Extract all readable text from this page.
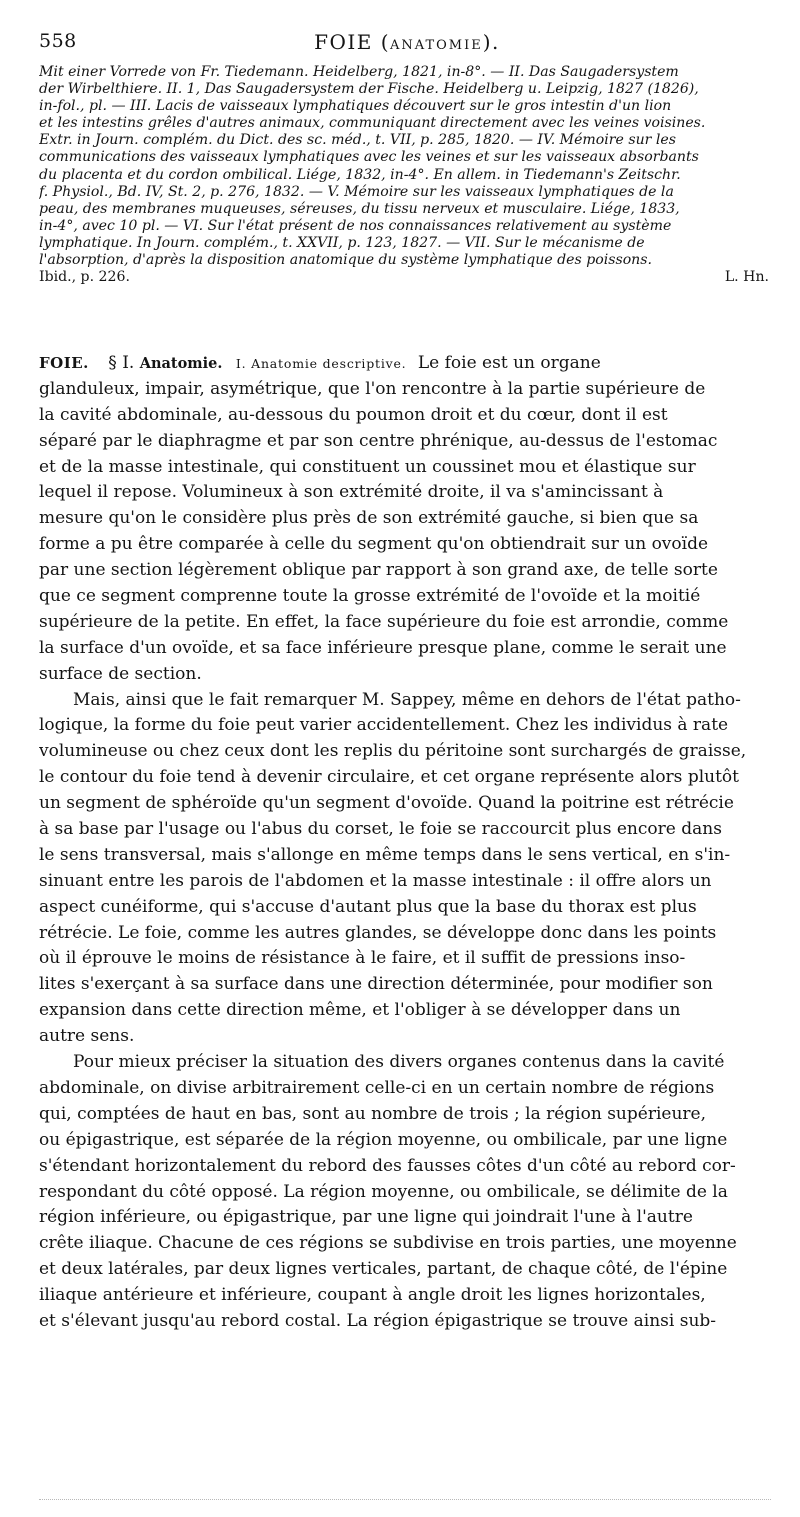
558	FOIE (ANATOMIE).
Mit einer Vorrede von Fr. Tiedemann. Heidelberg, 1821, in-8°. — II. Das Saugadersystem
der Wirbelthiere. II. 1, Das Saugadersystem der Fische. Heidelberg u. Leipzig, 1827 (1826),
in-fol., pl. — III. Lacis de vaisseaux lymphatiques découvert sur le gros intestin d'un lion
et les intestins grêles d'autres animaux, communiquant directement avec les veines voisines.
Extr. in Journ. complém. du Dict. des sc. méd., t. VII, p. 285, 1820. — IV. Mémoire sur les
communications des vaisseaux lymphatiques avec les veines et sur les vaisseaux absorbants
du placenta et du cordon ombilical. Liége, 1832, in-4°. En allem. in Tiedemann's Zeitschr.
f. Physiol., Bd. IV, St. 2, p. 276, 1832. — V. Mémoire sur les vaisseaux lymphatiques de la
peau, des membranes muqueuses, séreuses, du tissu nerveux et musculaire. Liége, 1833,
in-4°, avec 10 pl. — VI. Sur l'état présent de nos connaissances relativement au système
lymphatique. In Journ. complém., t. XXVII, p. 123, 1827. — VII. Sur le mécanisme de
l'absorption, d'après la disposition anatomique du système lymphatique des poissons.
Ibid., p. 226.	L. Hn.
FOIE. § I. Anatomie. I. Anatomie descriptive. Le foie est un organe
glanduleux, impair, asymétrique, que l'on rencontre à la partie supérieure de
la cavité abdominale, au-dessous du poumon droit et du cœur, dont il est
séparé par le diaphragme et par son centre phrénique, au-dessus de l'estomac
et de la masse intestinale, qui constituent un coussinet mou et élastique sur
lequel il repose. Volumineux à son extrémité droite, il va s'amincissant à
mesure qu'on le considère plus près de son extrémité gauche, si bien que sa
forme a pu être comparée à celle du segment qu'on obtiendrait sur un ovoïde
par une section légèrement oblique par rapport à son grand axe, de telle sorte
que ce segment comprenne toute la grosse extrémité de l'ovoïde et la moitié
supérieure de la petite. En effet, la face supérieure du foie est arrondie, comme
la surface d'un ovoïde, et sa face inférieure presque plane, comme le serait une
surface de section.
Mais, ainsi que le fait remarquer M. Sappey, même en dehors de l'état patho-
logique, la forme du foie peut varier accidentellement. Chez les individus à rate
volumineuse ou chez ceux dont les replis du péritoine sont surchargés de graisse,
le contour du foie tend à devenir circulaire, et cet organe représente alors plutôt
un segment de sphéroïde qu'un segment d'ovoïde. Quand la poitrine est rétrécie
à sa base par l'usage ou l'abus du corset, le foie se raccourcit plus encore dans
le sens transversal, mais s'allonge en même temps dans le sens vertical, en s'in-
sinuant entre les parois de l'abdomen et la masse intestinale : il offre alors un
aspect cunéiforme, qui s'accuse d'autant plus que la base du thorax est plus
rétrécie. Le foie, comme les autres glandes, se développe donc dans les points
où il éprouve le moins de résistance à le faire, et il suffit de pressions inso-
lites s'exerçant à sa surface dans une direction déterminée, pour modifier son
expansion dans cette direction même, et l'obliger à se développer dans un
autre sens.
Pour mieux préciser la situation des divers organes contenus dans la cavité
abdominale, on divise arbitrairement celle-ci en un certain nombre de régions
qui, comptées de haut en bas, sont au nombre de trois ; la région supérieure,
ou épigastrique, est séparée de la région moyenne, ou ombilicale, par une ligne
s'étendant horizontalement du rebord des fausses côtes d'un côté au rebord cor-
respondant du côté opposé. La région moyenne, ou ombilicale, se délimite de la
région inférieure, ou épigastrique, par une ligne qui joindrait l'une à l'autre
crête iliaque. Chacune de ces régions se subdivise en trois parties, une moyenne
et deux latérales, par deux lignes verticales, partant, de chaque côté, de l'épine
iliaque antérieure et inférieure, coupant à angle droit les lignes horizontales,
et s'élevant jusqu'au rebord costal. La région épigastrique se trouve ainsi sub-
